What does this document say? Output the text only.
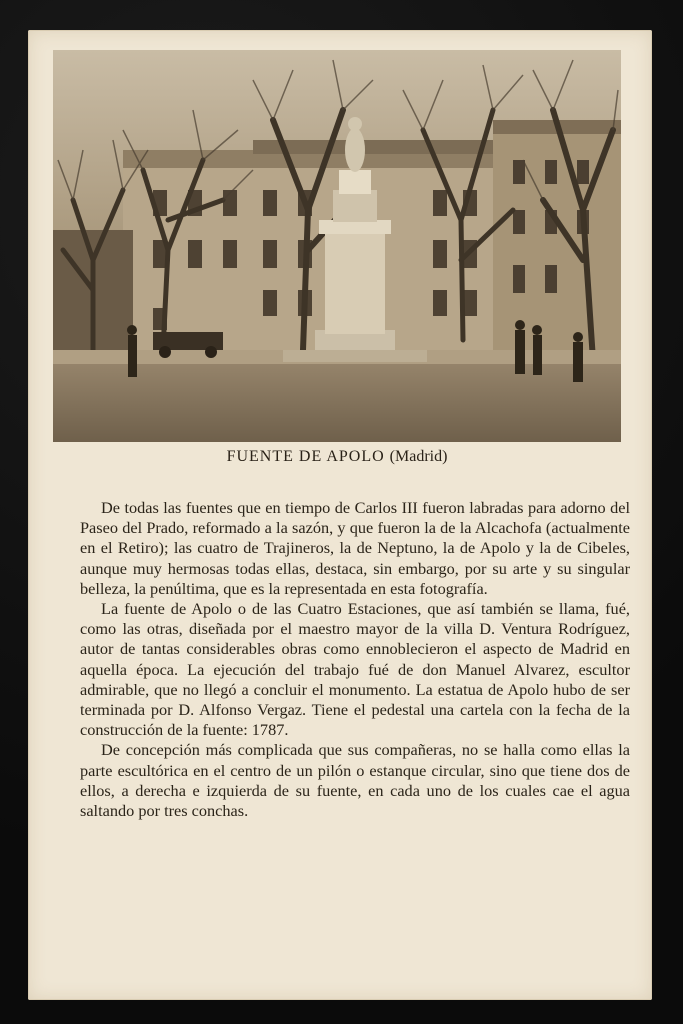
FUENTE DE APOLO (Madrid)

De todas las fuentes que en tiempo de Carlos III fueron labradas para adorno del Paseo del Prado, reformado a la sazón, y que fueron la de la Alcachofa (actualmente en el Retiro); las cuatro de Trajineros, la de Neptuno, la de Apolo y la de Cibeles, aunque muy hermosas todas ellas, destaca, sin embargo, por su arte y su singular belleza, la penúltima, que es la representada en esta fotografía.

La fuente de Apolo o de las Cuatro Estaciones, que así también se llama, fué, como las otras, diseñada por el maestro mayor de la villa D. Ventura Rodríguez, autor de tantas considerables obras como ennoblecieron el aspecto de Madrid en aquella época. La ejecución del trabajo fué de don Manuel Alvarez, escultor admirable, que no llegó a concluir el monumento. La estatua de Apolo hubo de ser terminada por D. Alfonso Vergaz. Tiene el pedestal una cartela con la fecha de la construcción de la fuente: 1787.

De concepción más complicada que sus compañeras, no se halla como ellas la parte escultórica en el centro de un pilón o estanque circular, sino que tiene dos de ellos, a derecha e izquierda de su fuente, en cada uno de los cuales cae el agua saltando por tres conchas.
